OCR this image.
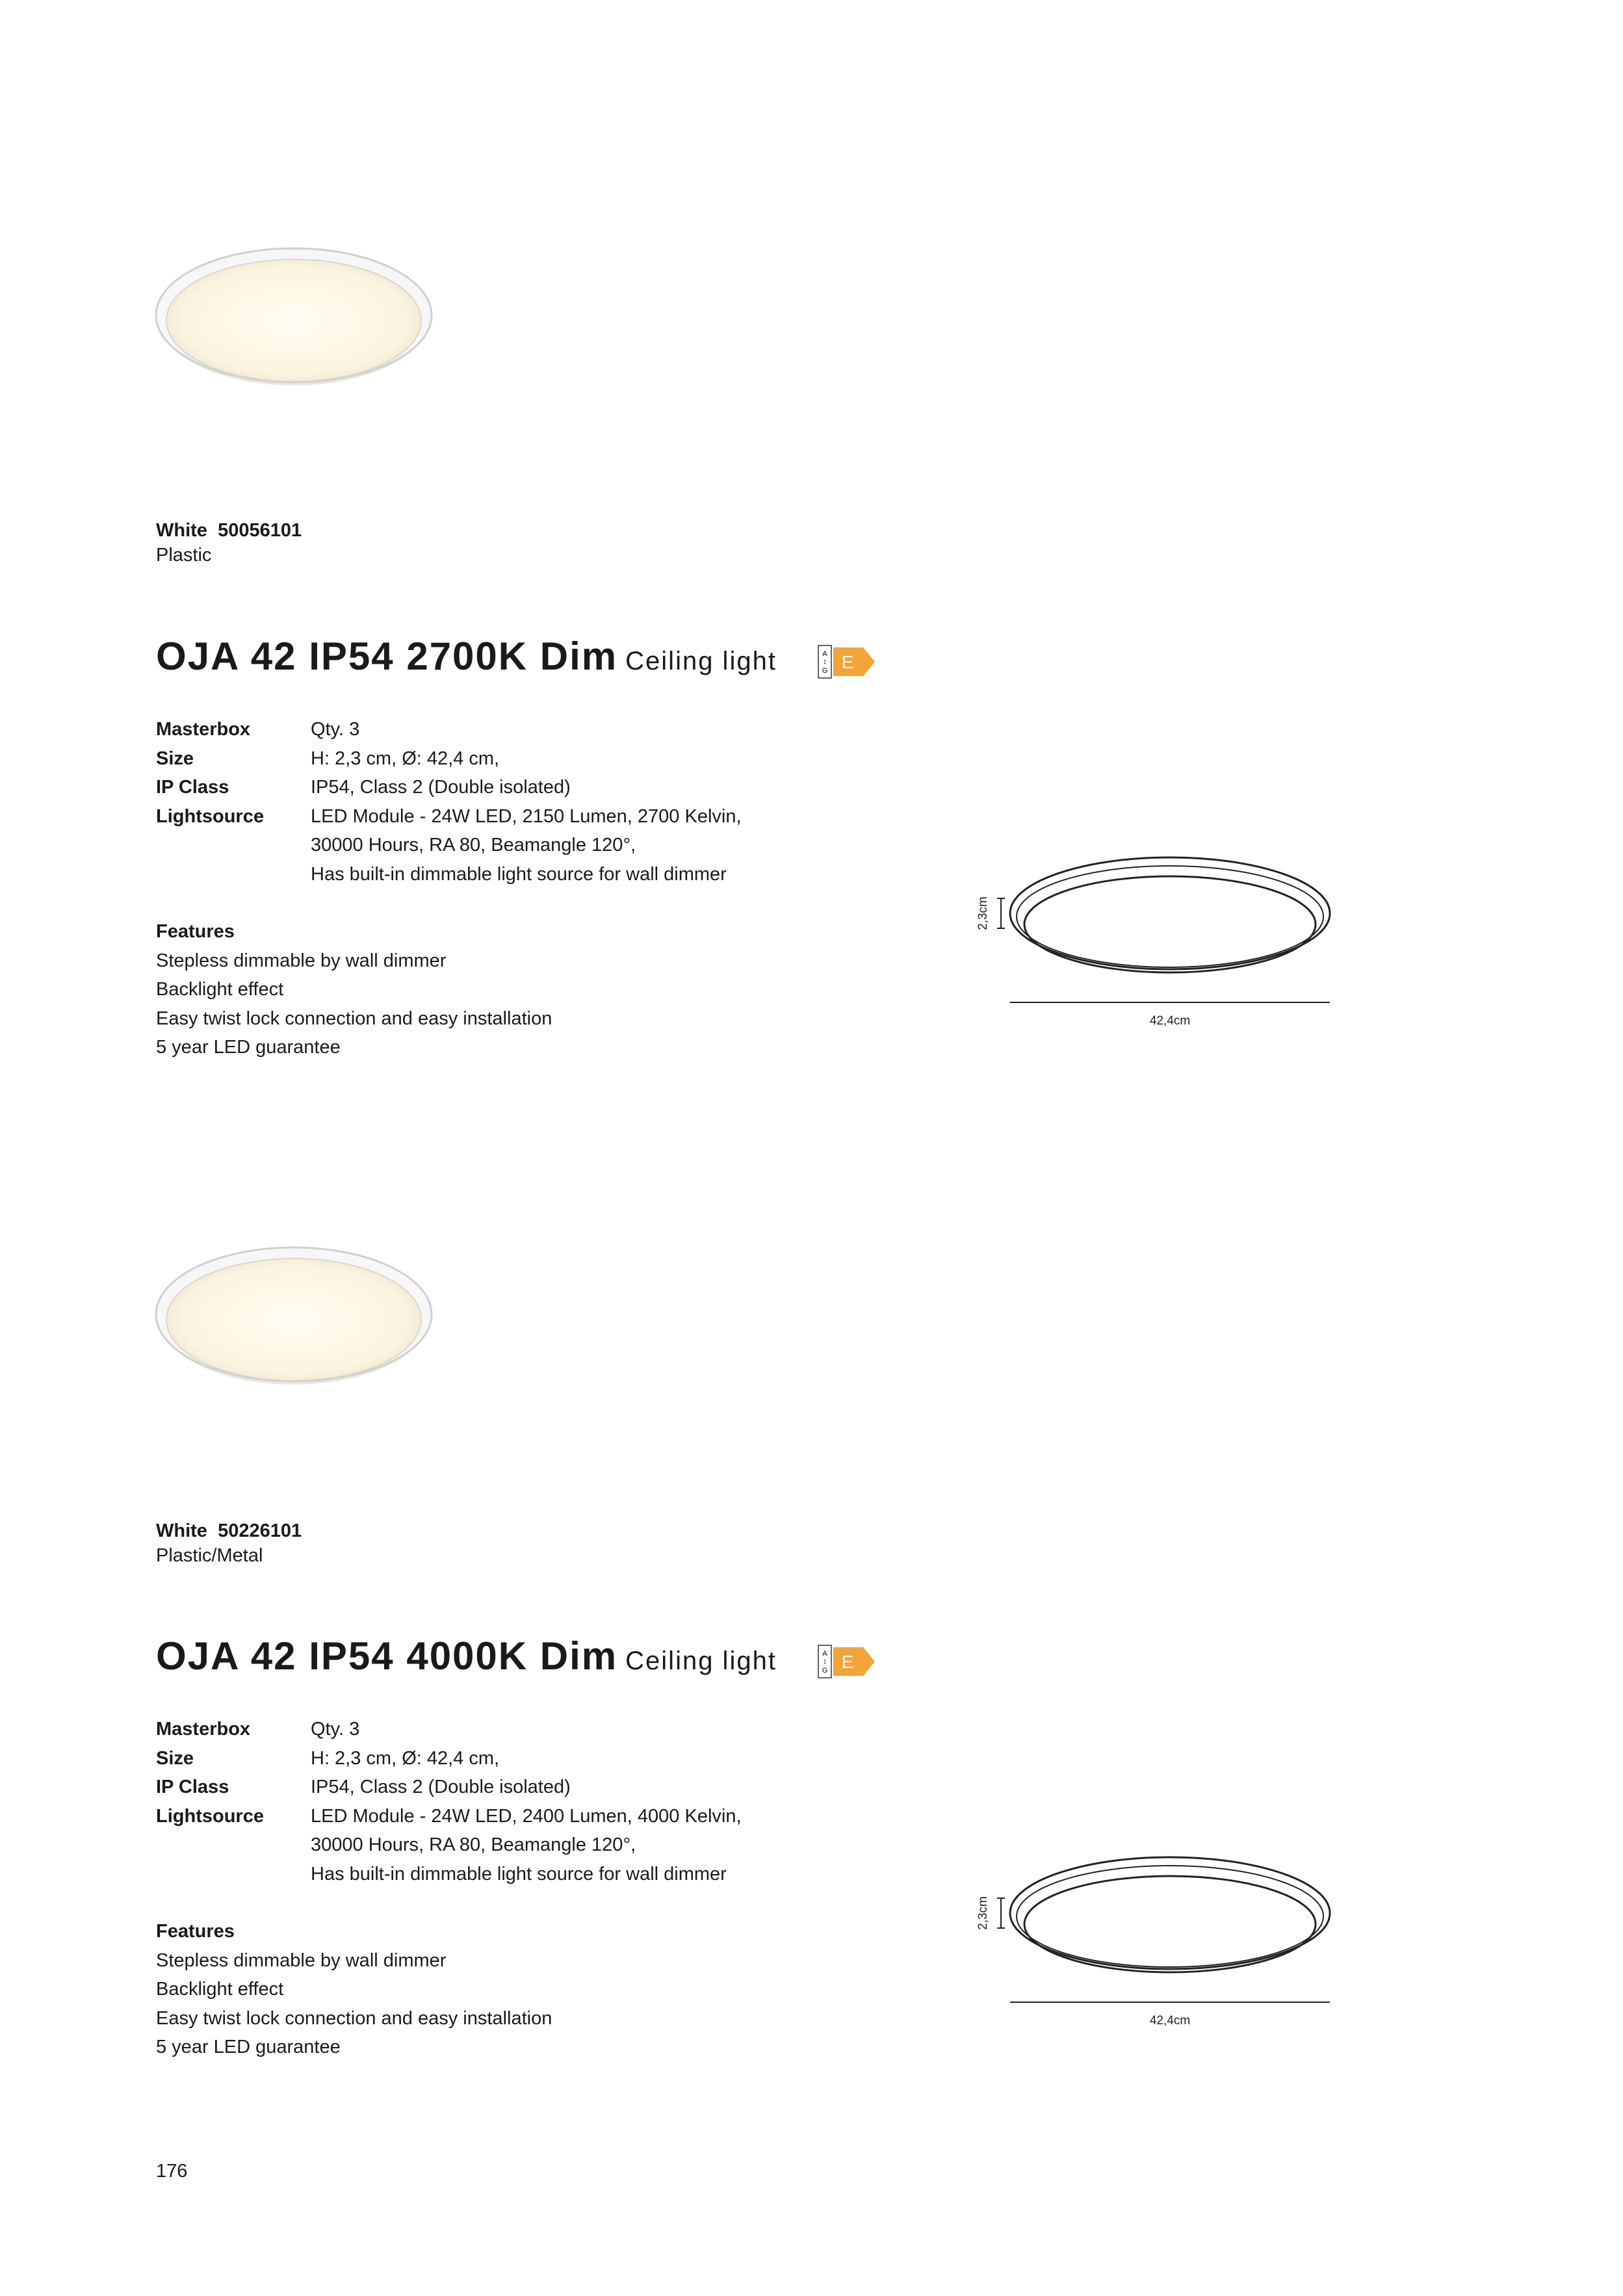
White 50056101
Plastic
OJA 42 IP54 2700K Dim Ceiling light	A
↕
G E
Masterbox	Qty. 3
Size	H: 2,3 cm, Ø: 42,4 cm,
IP Class	IP54, Class 2 (Double isolated)
Lightsource	LED Module - 24W LED, 2150 Lumen, 2700 Kelvin,
30000 Hours, RA 80, Beamangle 120°,
Has built-in dimmable light source for wall dimmer
Features
Stepless dimmable by wall dimmer
Backlight effect
Easy twist lock connection and easy installation
5 year LED guarantee
2,3cm
42,4cm
White 50226101
Plastic/Metal
OJA 42 IP54 4000K Dim Ceiling light	A
↕
G E
Masterbox	Qty. 3
Size	H: 2,3 cm, Ø: 42,4 cm,
IP Class	IP54, Class 2 (Double isolated)
Lightsource	LED Module - 24W LED, 2400 Lumen, 4000 Kelvin,
30000 Hours, RA 80, Beamangle 120°,
Has built-in dimmable light source for wall dimmer
Features
Stepless dimmable by wall dimmer
Backlight effect
Easy twist lock connection and easy installation
5 year LED guarantee
2,3cm
42,4cm
176
